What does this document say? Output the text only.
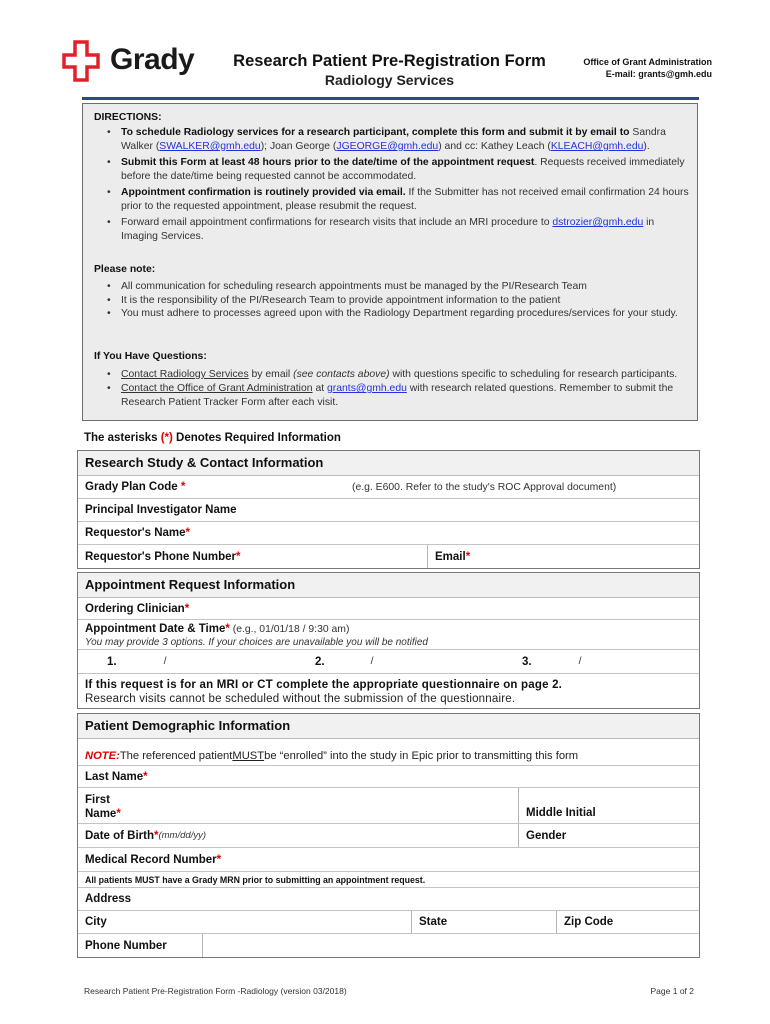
Grady	Research Patient Pre-Registration Form
Radiology Services
Office of Grant Administration
E-mail: grants@gmh.edu
DIRECTIONS:
• To schedule Radiology services for a research participant, complete this form and submit it by email to Sandra Walker (SWALKER@gmh.edu); Joan George (JGEORGE@gmh.edu) and cc: Kathey Leach (KLEACH@gmh.edu).
• Submit this Form at least 48 hours prior to the date/time of the appointment request. Requests received immediately before the date/time being requested cannot be accommodated.
• Appointment confirmation is routinely provided via email. If the Submitter has not received email confirmation 24 hours prior to the requested appointment, please resubmit the request.
• Forward email appointment confirmations for research visits that include an MRI procedure to dstrozier@gmh.edu in Imaging Services.
Please note:
• All communication for scheduling research appointments must be managed by the PI/Research Team
• It is the responsibility of the PI/Research Team to provide appointment information to the patient
• You must adhere to processes agreed upon with the Radiology Department regarding procedures/services for your study.
If You Have Questions:
• Contact Radiology Services by email (see contacts above) with questions specific to scheduling for research participants.
• Contact the Office of Grant Administration at grants@gmh.edu with research related questions. Remember to submit the Research Patient Tracker Form after each visit.
The asterisks (*) Denotes Required Information
Research Study & Contact Information
Grady Plan Code
*	(e.g. E600. Refer to the study's ROC Approval document)
Principal Investigator Name
Requestor's Name *
Requestor's Phone Number *	Email *
Appointment Request Information
Ordering Clinician *
Appointment Date & Time* (e.g., 01/01/18 / 9:30 am)
You may provide 3 options. If your choices are unavailable you will be notified
1.	/	2.	/	3.	/
If this request is for an MRI or CT complete the appropriate questionnaire on page 2.
Research visits cannot be scheduled without the submission of the questionnaire.
Patient Demographic Information
NOTE: The referenced patient MUST be “enrolled” into the study in Epic prior to transmitting this form
Last Name *
First
Name*	Middle Initial
Date of Birth * (mm/dd/yy)	Gender
Medical Record Number *
All patients MUST have a Grady MRN prior to submitting an appointment request.
Address
City	State	Zip Code
Phone Number
Research Patient Pre-Registration Form -Radiology (version 03/2018)	Page 1 of 2
